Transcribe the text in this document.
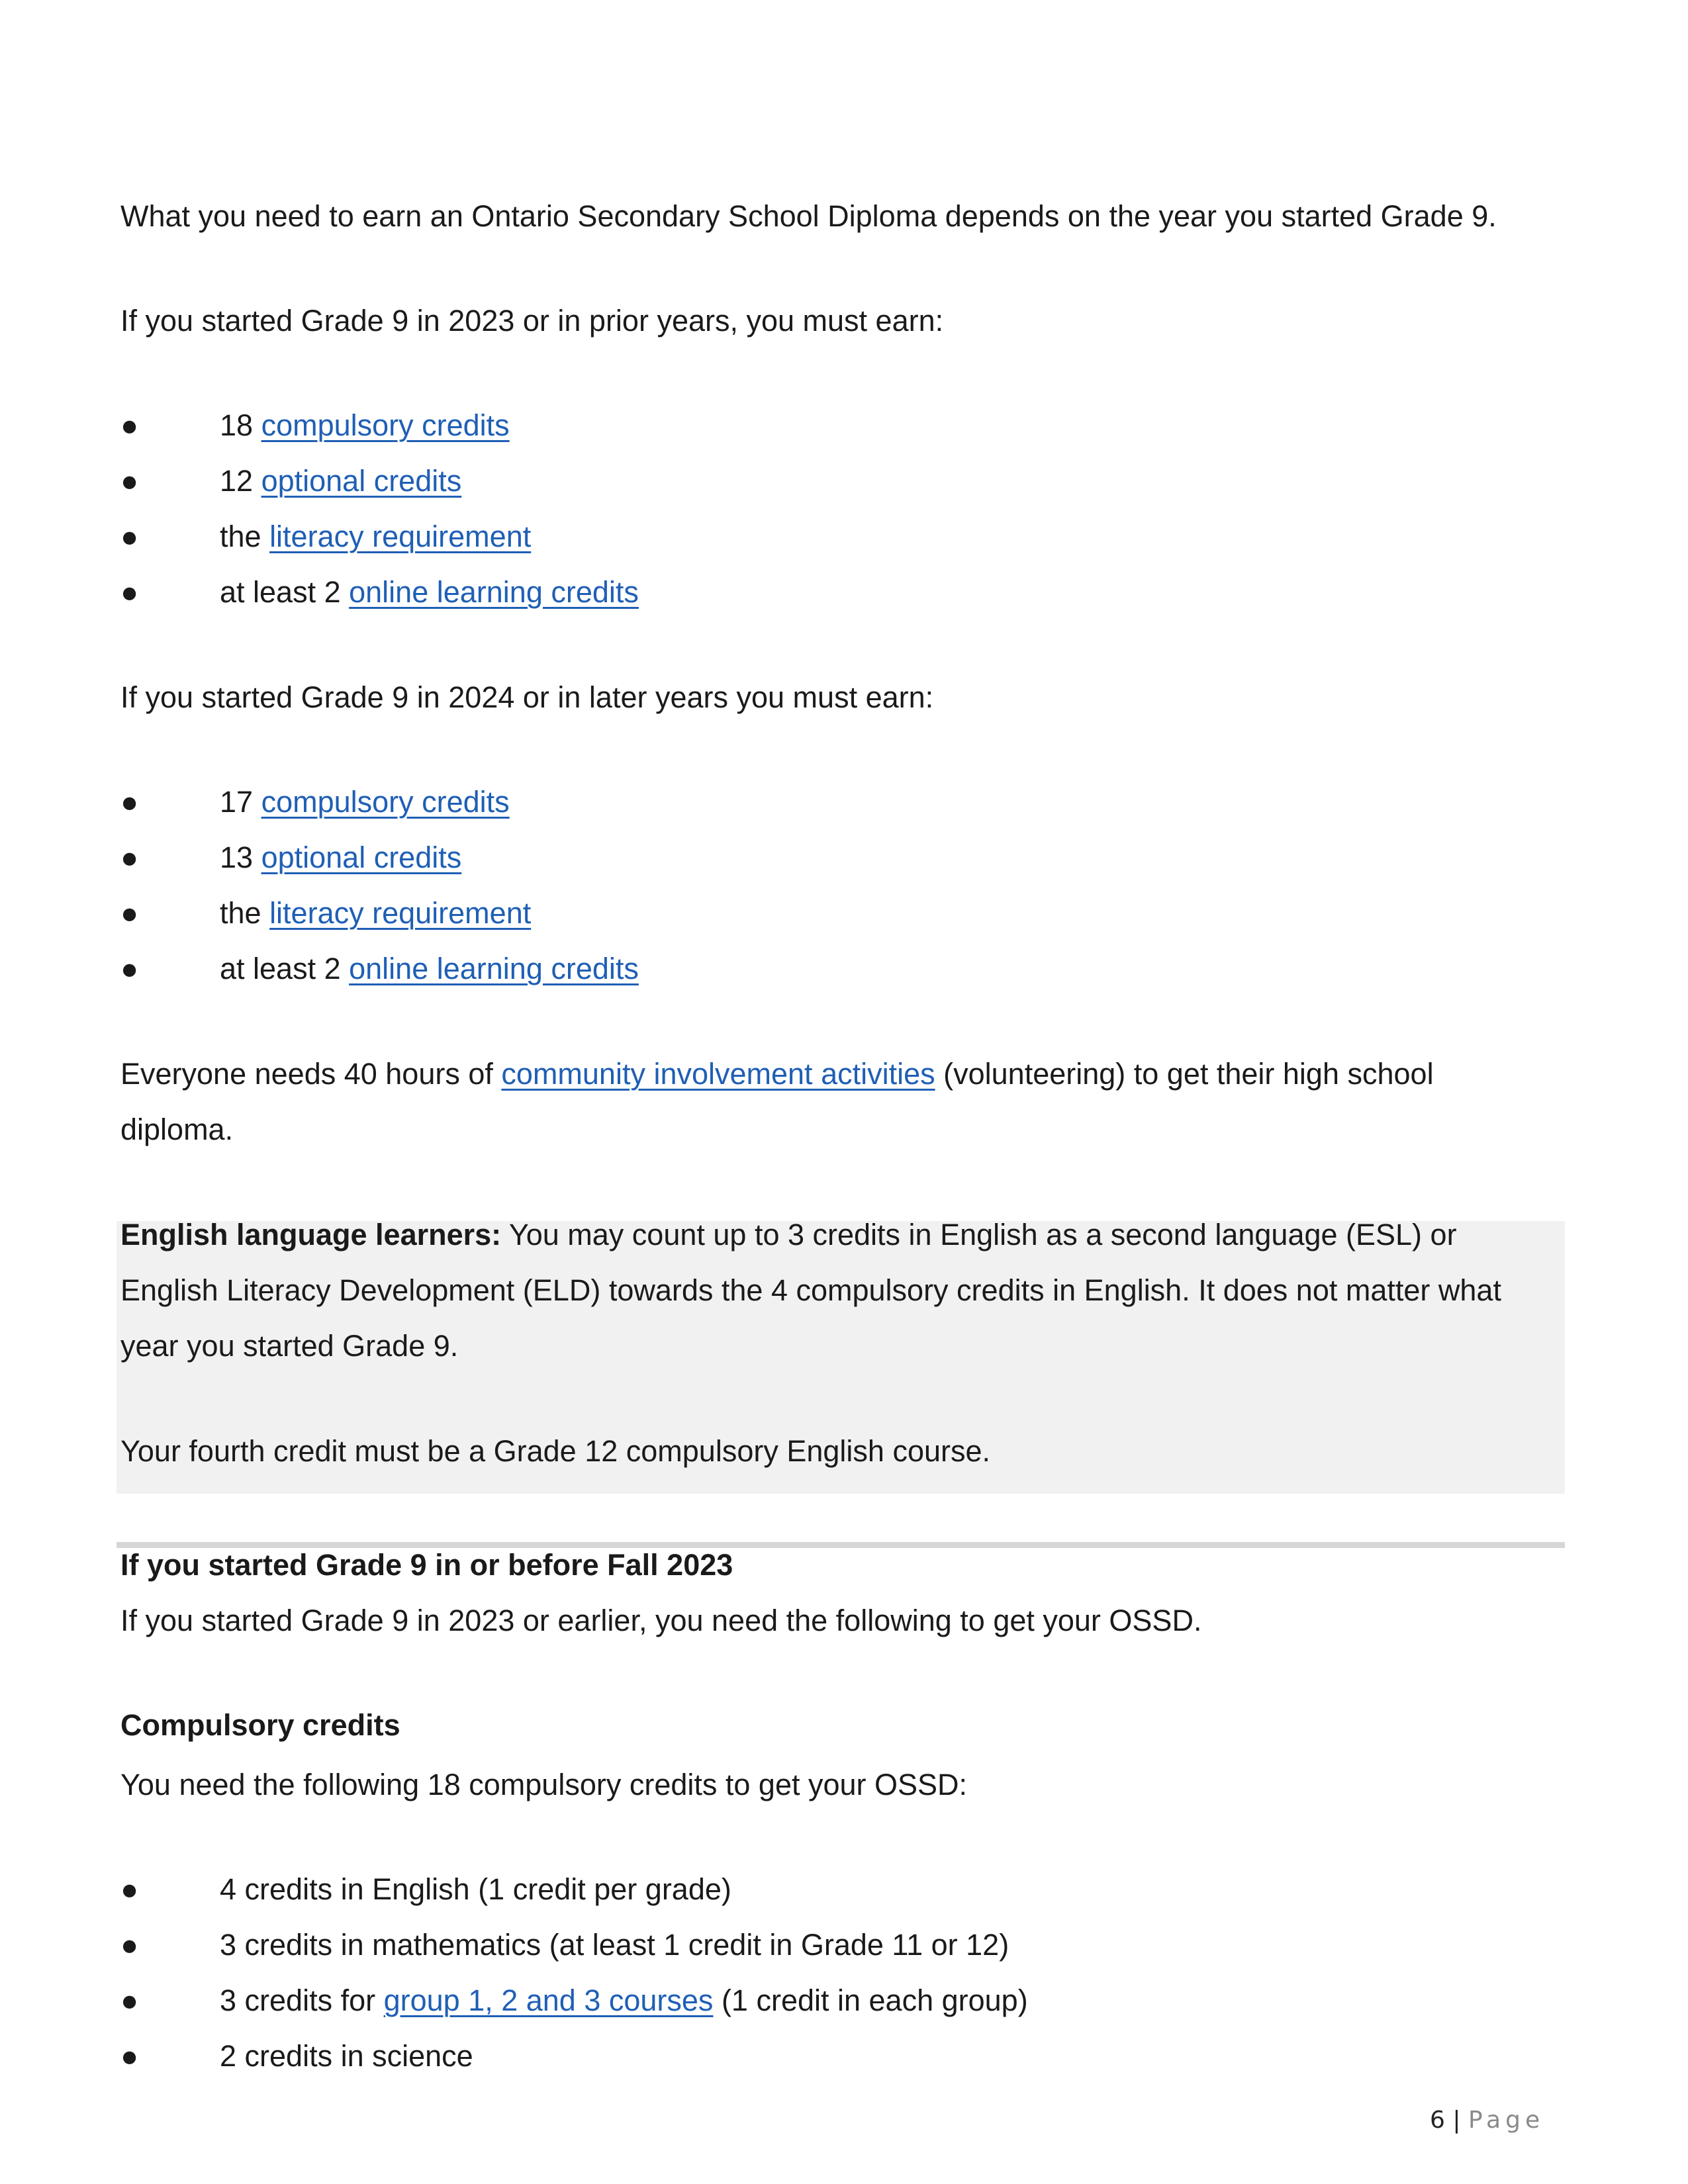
What you need to earn an Ontario Secondary School Diploma depends on the year you started Grade 9.
If you started Grade 9 in 2023 or in prior years, you must earn:
●	18 compulsory credits
●	12 optional credits
●	the literacy requirement
●	at least 2 online learning credits
If you started Grade 9 in 2024 or in later years you must earn:
●	17 compulsory credits
●	13 optional credits
●	the literacy requirement
●	at least 2 online learning credits
Everyone needs 40 hours of community involvement activities (volunteering) to get their high school
diploma.
English language learners: You may count up to 3 credits in English as a second language (ESL) or
English Literacy Development (ELD) towards the 4 compulsory credits in English. It does not matter what
year you started Grade 9.
Your fourth credit must be a Grade 12 compulsory English course.
If you started Grade 9 in or before Fall 2023
If you started Grade 9 in 2023 or earlier, you need the following to get your OSSD.
Compulsory credits
You need the following 18 compulsory credits to get your OSSD:
●	4 credits in English (1 credit per grade)
●	3 credits in mathematics (at least 1 credit in Grade 11 or 12)
●	3 credits for group 1, 2 and 3 courses (1 credit in each group)
●	2 credits in science
6 | Page
